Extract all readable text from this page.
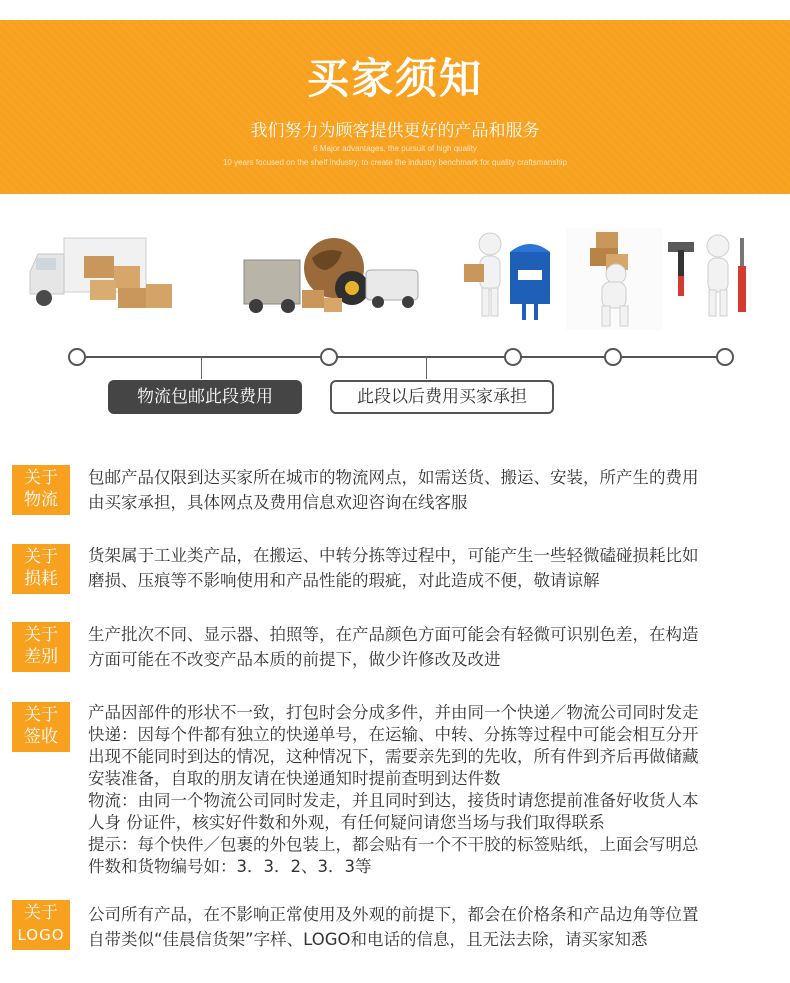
买家须知
我们努力为顾客提供更好的产品和服务
6 Major advantages, the pursuit of high quality
10 years focused on the shelf industry, to create the industry benchmark for quality craftsmanship
物流包邮此段费用	此段以后费用买家承担
关于
物流

包邮产品仅限到达买家所在城市的物流网点，如需送货、搬运、安装，所产生的费用

由买家承担，具体网点及费用信息欢迎咨询在线客服

关于
损耗

货架属于工业类产品，在搬运、中转分拣等过程中，可能产生一些轻微磕碰损耗比如

磨损、压痕等不影响使用和产品性能的瑕疵，对此造成不便，敬请谅解

关于
差别

生产批次不同、显示器、拍照等，在产品颜色方面可能会有轻微可识别色差，在构造

方面可能在不改变产品本质的前提下，做少许修改及改进

关于
签收

产品因部件的形状不一致，打包时会分成多件，并由同一个快递／物流公司同时发走

快递：因每个件都有独立的快递单号，在运输、中转、分拣等过程中可能会相互分开

出现不能同时到达的情况，这种情况下，需要亲先到的先收，所有件到齐后再做储藏

安装准备，自取的朋友请在快递通知时提前查明到达件数

物流：由同一个物流公司同时发走，并且同时到达，接货时请您提前准备好收货人本

人身 份证件，核实好件数和外观，有任何疑问请您当场与我们取得联系

提示：每个快件／包裹的外包装上，都会贴有一个不干胶的标签贴纸，上面会写明总

件数和货物编号如：3．3．2、3．3等

关于
LOGO

公司所有产品，在不影响正常使用及外观的前提下，都会在价格条和产品边角等位置

自带类似“佳晨信货架”字样、LOGO和电话的信息，且无法去除，请买家知悉
